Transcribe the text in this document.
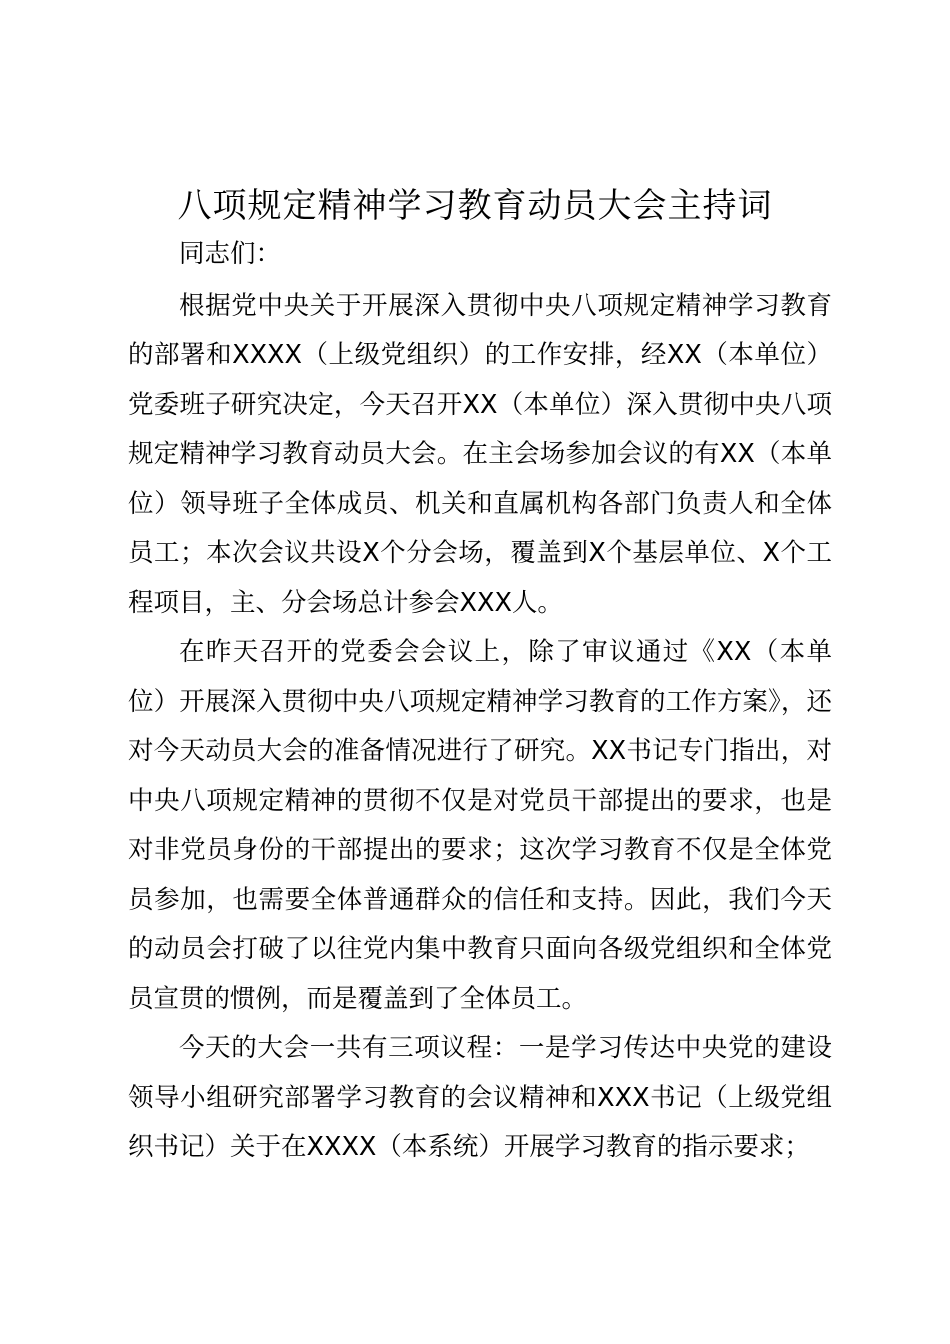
八项规定精神学习教育动员大会主持词

同志们：

根据党中央关于开展深入贯彻中央八项规定精神学习教育的部署和XXXX（上级党组织）的工作安排，经XX（本单位）党委班子研究决定，今天召开XX（本单位）深入贯彻中央八项规定精神学习教育动员大会。在主会场参加会议的有XX（本单位）领导班子全体成员、机关和直属机构各部门负责人和全体员工；本次会议共设X个分会场，覆盖到X个基层单位、X个工程项目，主、分会场总计参会XXX人。

在昨天召开的党委会会议上，除了审议通过《XX（本单位）开展深入贯彻中央八项规定精神学习教育的工作方案》，还对今天动员大会的准备情况进行了研究。XX书记专门指出，对中央八项规定精神的贯彻不仅是对党员干部提出的要求，也是对非党员身份的干部提出的要求；这次学习教育不仅是全体党员参加，也需要全体普通群众的信任和支持。因此，我们今天的动员会打破了以往党内集中教育只面向各级党组织和全体党员宣贯的惯例，而是覆盖到了全体员工。

今天的大会一共有三项议程：一是学习传达中央党的建设领导小组研究部署学习教育的会议精神和XXX书记（上级党组织书记）关于在XXXX（本系统）开展学习教育的指示要求；
